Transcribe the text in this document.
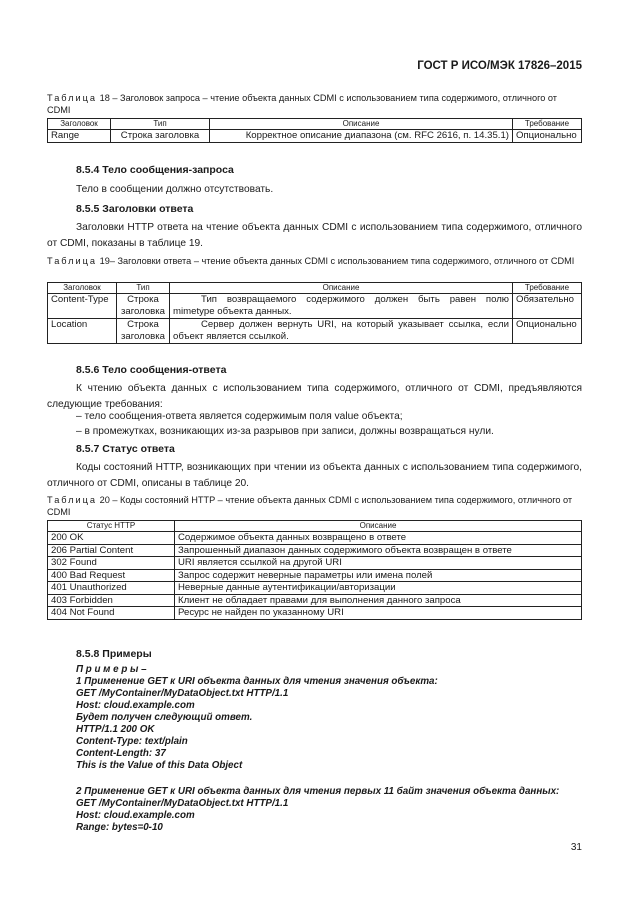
ГОСТ Р ИСО/МЭК 17826–2015
Таблица 18 – Заголовок запроса – чтение объекта данных CDMI с использованием типа содержимого, отличного от CDMI
Заголовок	Тип	Описание	Требование
Range	Строка заголовка	Корректное описание диапазона (см. RFC 2616, п. 14.35.1)	Опционально
8.5.4 Тело сообщения-запроса
Тело в сообщении должно отсутствовать.
8.5.5 Заголовки ответа
Заголовки HTTP ответа на чтение объекта данных CDMI с использованием типа содержимого, отличного от CDMI, показаны в таблице 19.
Таблица 19– Заголовки ответа – чтение объекта данных CDMI с использованием типа содержимого, отличного от CDMI
Заголовок	Тип	Описание	Требование
Content-Type	Строка заголовка	Тип возвращаемого содержимого должен быть равен полю mimetype объекта данных.	Обязательно
Location	Строка заголовка	Сервер должен вернуть URI, на который указывает ссылка, если объект является ссылкой.	Опционально
8.5.6 Тело сообщения-ответа
К чтению объекта данных с использованием типа содержимого, отличного от CDMI, предъявляются следующие требования:
– тело сообщения-ответа является содержимым поля value объекта;
– в промежутках, возникающих из-за разрывов при записи, должны возвращаться нули.
8.5.7 Статус ответа
Коды состояний HTTP, возникающих при чтении из объекта данных с использованием типа содержимого, отличного от CDMI, описаны в таблице 20.
Таблица 20 – Коды состояний HTTP – чтение объекта данных CDMI с использованием типа содержимого, отличного от CDMI
Статус HTTP	Описание
200 OK	Содержимое объекта данных возвращено в ответе
206 Partial Content	Запрошенный диапазон данных содержимого объекта возвращен в ответе
302 Found	URI является ссылкой на другой URI
400 Bad Request	Запрос содержит неверные параметры или имена полей
401 Unauthorized	Неверные данные аутентификации/авторизации
403 Forbidden	Клиент не обладает правами для выполнения данного запроса
404 Not Found	Ресурс не найден по указанному URI
8.5.8 Примеры
П р и м е р ы –
1 Применение GET к URI объекта данных для чтения значения объекта:
GET /MyContainer/MyDataObject.txt HTTP/1.1
Host: cloud.example.com
Будет получен следующий ответ.
HTTP/1.1 200 OK
Content-Type: text/plain
Content-Length: 37
This is the Value of this Data Object
2 Применение GET к URI объекта данных для чтения первых 11 байт значения объекта данных:
GET /MyContainer/MyDataObject.txt HTTP/1.1
Host: cloud.example.com
Range: bytes=0-10
31
